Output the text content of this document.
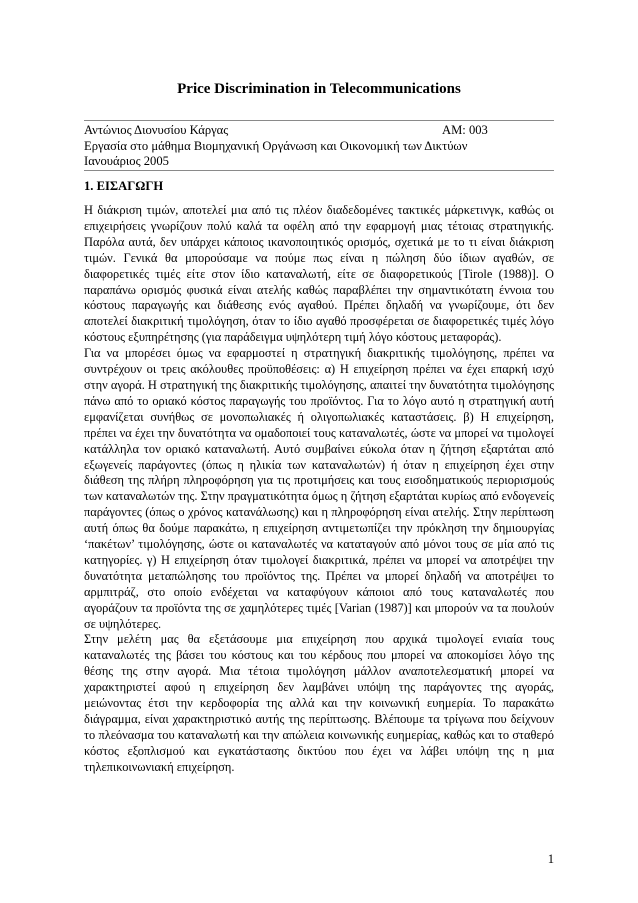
Price Discrimination in Telecommunications
Αντώνιος Διονυσίου Κάργας	ΑΜ: 003
Εργασία στο μάθημα Βιομηχανική Οργάνωση και Οικονομική των Δικτύων
Ιανουάριος 2005
1. ΕΙΣΑΓΩΓΗ

Η διάκριση τιμών, αποτελεί μια από τις πλέον διαδεδομένες τακτικές μάρκετινγκ, καθώς οι επιχειρήσεις γνωρίζουν πολύ καλά τα οφέλη από την εφαρμογή μιας τέτοιας στρατηγικής. Παρόλα αυτά, δεν υπάρχει κάποιος ικανοποιητικός ορισμός, σχετικά με το τι είναι διάκριση τιμών. Γενικά θα μπορούσαμε να πούμε πως είναι η πώληση δύο ίδιων αγαθών, σε διαφορετικές τιμές είτε στον ίδιο καταναλωτή, είτε σε διαφορετικούς [Tirole (1988)]. Ο παραπάνω ορισμός φυσικά είναι ατελής καθώς παραβλέπει την σημαντικότατη έννοια του κόστους παραγωγής και διάθεσης ενός αγαθού. Πρέπει δηλαδή να γνωρίζουμε, ότι δεν αποτελεί διακριτική τιμολόγηση, όταν το ίδιο αγαθό προσφέρεται σε διαφορετικές τιμές λόγο κόστους εξυπηρέτησης (για παράδειγμα υψηλότερη τιμή λόγο κόστους μεταφοράς).

Για να μπορέσει όμως να εφαρμοστεί η στρατηγική διακριτικής τιμολόγησης, πρέπει να συντρέχουν οι τρεις ακόλουθες προϋποθέσεις: α) Η επιχείρηση πρέπει να έχει επαρκή ισχύ στην αγορά. Η στρατηγική της διακριτικής τιμολόγησης, απαιτεί την δυνατότητα τιμολόγησης πάνω από το οριακό κόστος παραγωγής του προϊόντος. Για το λόγο αυτό η στρατηγική αυτή εμφανίζεται συνήθως σε μονοπωλιακές ή ολιγοπωλιακές καταστάσεις. β) Η επιχείρηση, πρέπει να έχει την δυνατότητα να ομαδοποιεί τους καταναλωτές, ώστε να μπορεί να τιμολογεί κατάλληλα τον οριακό καταναλωτή. Αυτό συμβαίνει εύκολα όταν η ζήτηση εξαρτάται από εξωγενείς παράγοντες (όπως η ηλικία των καταναλωτών) ή όταν η επιχείρηση έχει στην διάθεση της πλήρη πληροφόρηση για τις προτιμήσεις και τους εισοδηματικούς περιορισμούς των καταναλωτών της. Στην πραγματικότητα όμως η ζήτηση εξαρτάται κυρίως από ενδογενείς παράγοντες (όπως ο χρόνος κατανάλωσης) και η πληροφόρηση είναι ατελής. Στην περίπτωση αυτή όπως θα δούμε παρακάτω, η επιχείρηση αντιμετωπίζει την πρόκληση την δημιουργίας ‘πακέτων’ τιμολόγησης, ώστε οι καταναλωτές να καταταγούν από μόνοι τους σε μία από τις κατηγορίες. γ) Η επιχείρηση όταν τιμολογεί διακριτικά, πρέπει να μπορεί να αποτρέψει την δυνατότητα μεταπώλησης του προϊόντος της. Πρέπει να μπορεί δηλαδή να αποτρέψει το αρμπιτράζ, στο οποίο ενδέχεται να καταφύγουν κάποιοι από τους καταναλωτές που αγοράζουν τα προϊόντα της σε χαμηλότερες τιμές [Varian (1987)] και μπορούν να τα πουλούν σε υψηλότερες.

Στην μελέτη μας θα εξετάσουμε μια επιχείρηση που αρχικά τιμολογεί ενιαία τους καταναλωτές της βάσει του κόστους και του κέρδους που μπορεί να αποκομίσει λόγο της θέσης της στην αγορά. Μια τέτοια τιμολόγηση μάλλον αναποτελεσματική μπορεί να χαρακτηριστεί αφού η επιχείρηση δεν λαμβάνει υπόψη της παράγοντες της αγοράς, μειώνοντας έτσι την κερδοφορία της αλλά και την κοινωνική ευημερία. Το παρακάτω διάγραμμα, είναι χαρακτηριστικό αυτής της περίπτωσης. Βλέπουμε τα τρίγωνα που δείχνουν το πλεόνασμα του καταναλωτή και την απώλεια κοινωνικής ευημερίας, καθώς και το σταθερό κόστος εξοπλισμού και εγκατάστασης δικτύου που έχει να λάβει υπόψη της η μια τηλεπικοινωνιακή επιχείρηση.

1
